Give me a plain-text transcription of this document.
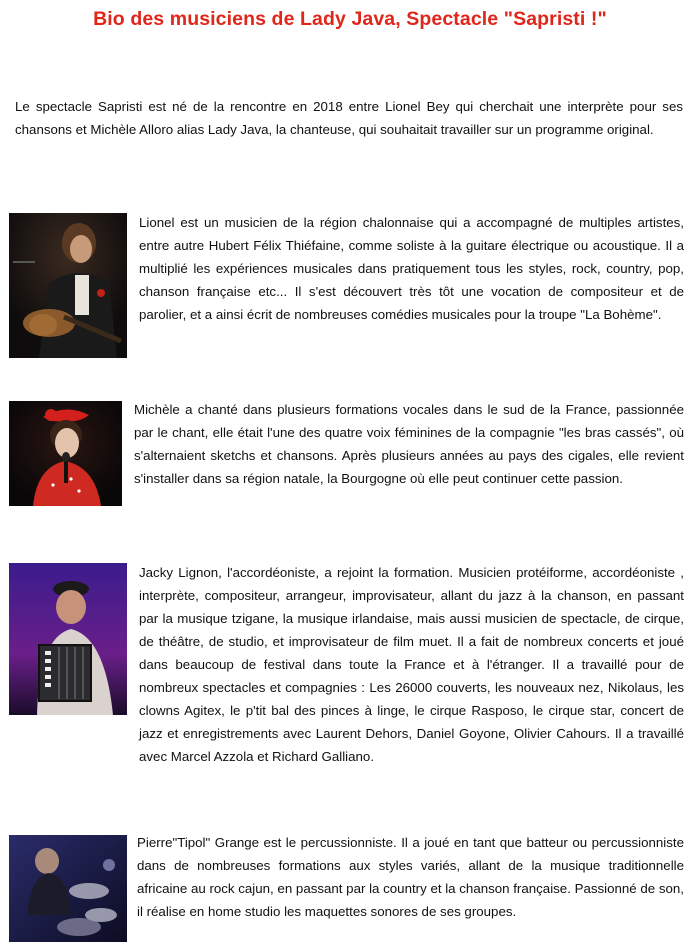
Bio des musiciens de Lady Java, Spectacle "Sapristi !"
Le spectacle Sapristi est né de la rencontre en 2018 entre Lionel Bey qui cherchait une interprète pour ses chansons et Michèle Alloro alias Lady Java, la chanteuse, qui souhaitait travailler sur un programme original.

Lionel est un musicien de la région chalonnaise qui a accompagné de multiples artistes, entre autre Hubert Félix Thiéfaine, comme soliste à la guitare électrique ou acoustique. Il a multiplié les expériences musicales dans pratiquement tous les styles, rock, country, pop, chanson française etc... Il s'est découvert très tôt une vocation de compositeur et de parolier, et a ainsi écrit de nombreuses comédies musicales pour la troupe "La Bohème".

Michèle a chanté dans plusieurs formations vocales dans le sud de la France, passionnée par le chant, elle était l'une des quatre voix féminines de la compagnie "les bras cassés", où s'alternaient sketchs et chansons. Après plusieurs années au pays des cigales, elle revient s'installer dans sa région natale, la Bourgogne où elle peut continuer cette passion.

Jacky Lignon, l'accordéoniste, a rejoint la formation. Musicien protéiforme, accordéoniste , interprète, compositeur, arrangeur, improvisateur, allant du jazz à la chanson, en passant par la musique tzigane, la musique irlandaise, mais aussi musicien de spectacle, de cirque, de théâtre, de studio, et improvisateur de film muet. Il a fait de nombreux concerts et joué dans beaucoup de festival dans toute la France et à l'étranger. Il a travaillé pour de nombreux spectacles et compagnies : Les 26000 couverts, les nouveaux nez, Nikolaus, les clowns Agitex, le p'tit bal des pinces à linge, le cirque Rasposo, le cirque star, concert de jazz et enregistrements avec Laurent Dehors, Daniel Goyone, Olivier Cahours. Il a travaillé avec Marcel Azzola et Richard Galliano.

Pierre"Tipol" Grange est le percussionniste. Il a joué en tant que batteur ou percussionniste dans de nombreuses formations aux styles variés, allant de la musique traditionnelle africaine au rock cajun, en passant par la country et la chanson française. Passionné de son, il réalise en home studio les maquettes sonores de ses groupes.
